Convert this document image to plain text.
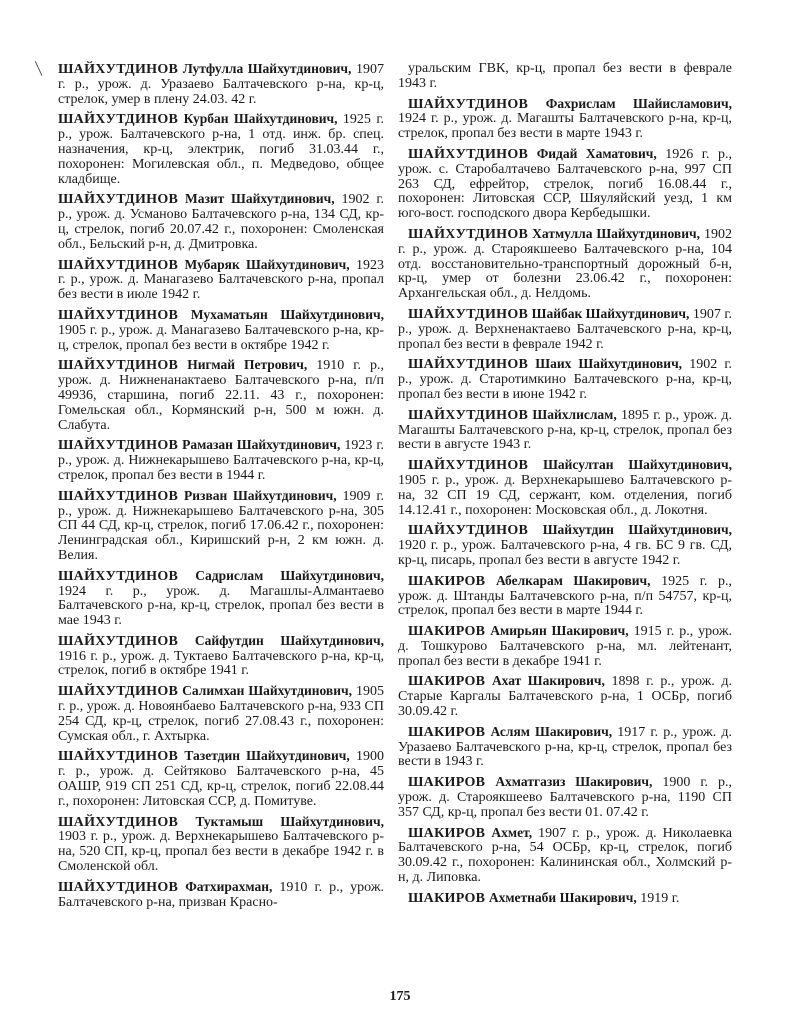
ШАЙХУТДИНОВ Лутфулла Шайхутдинович, 1907 г. р., урож. д. Уразаево Балтачевского р-на, кр-ц, стрелок, умер в плену 24.03. 42 г.

ШАЙХУТДИНОВ Курбан Шайхутдинович, 1925 г. р., урож. Балтачевского р-на, 1 отд. инж. бр. спец. назначения, кр-ц, электрик, погиб 31.03.44 г., похоронен: Могилевская обл., п. Медведово, общее кладбище.

ШАЙХУТДИНОВ Мазит Шайхутдинович, 1902 г. р., урож. д. Усманово Балтачевского р-на, 134 СД, кр-ц, стрелок, погиб 20.07.42 г., похоронен: Смоленская обл., Бельский р-н, д. Дмитровка.

ШАЙХУТДИНОВ Мубаряк Шайхутдинович, 1923 г. р., урож. д. Манагазево Балтачевского р-на, пропал без вести в июле 1942 г.

ШАЙХУТДИНОВ Мухаматьян Шайхутдинович, 1905 г. р., урож. д. Манагазево Балтачевского р-на, кр-ц, стрелок, пропал без вести в октябре 1942 г.

ШАЙХУТДИНОВ Нигмай Петрович, 1910 г. р., урож. д. Нижненанактаево Балтачевского р-на, п/п 49936, старшина, погиб 22.11. 43 г., похоронен: Гомельская обл., Кормянский р-н, 500 м южн. д. Слабута.

ШАЙХУТДИНОВ Рамазан Шайхутдинович, 1923 г. р., урож. д. Нижнекарышево Балтачевского р-на, кр-ц, стрелок, пропал без вести в 1944 г.

ШАЙХУТДИНОВ Ризван Шайхутдинович, 1909 г. р., урож. д. Нижнекарышево Балтачевского р-на, 305 СП 44 СД, кр-ц, стрелок, погиб 17.06.42 г., похоронен: Ленинградская обл., Киришский р-н, 2 км южн. д. Велия.

ШАЙХУТДИНОВ Садрислам Шайхутдинович, 1924 г. р., урож. д. Магашлы-Алмантаево Балтачевского р-на, кр-ц, стрелок, пропал без вести в мае 1943 г.

ШАЙХУТДИНОВ Сайфутдин Шайхутдинович, 1916 г. р., урож. д. Туктаево Балтачевского р-на, кр-ц, стрелок, погиб в октябре 1941 г.

ШАЙХУТДИНОВ Салимхан Шайхутдинович, 1905 г. р., урож. д. Новоянбаево Балтачевского р-на, 933 СП 254 СД, кр-ц, стрелок, погиб 27.08.43 г., похоронен: Сумская обл., г. Ахтырка.

ШАЙХУТДИНОВ Тазетдин Шайхутдинович, 1900 г. р., урож. д. Сейтяково Балтачевского р-на, 45 ОАШР, 919 СП 251 СД, кр-ц, стрелок, погиб 22.08.44 г., похоронен: Литовская ССР, д. Помитуве.

ШАЙХУТДИНОВ Туктамыш Шайхутдинович, 1903 г. р., урож. д. Верхнекарышево Балтачевского р-на, 520 СП, кр-ц, пропал без вести в декабре 1942 г. в Смоленской обл.

ШАЙХУТДИНОВ Фатхирахман, 1910 г. р., урож. Балтачевского р-на, призван Красно-

уральским ГВК, кр-ц, пропал без вести в феврале 1943 г.

ШАЙХУТДИНОВ Фахрислам Шайисламович, 1924 г. р., урож. д. Магашты Балтачевского р-на, кр-ц, стрелок, пропал без вести в марте 1943 г.

ШАЙХУТДИНОВ Фидай Хаматович, 1926 г. р., урож. с. Старобалтачево Балтачевского р-на, 997 СП 263 СД, ефрейтор, стрелок, погиб 16.08.44 г., похоронен: Литовская ССР, Шяуляйский уезд, 1 км юго-вост. господского двора Кербедышки.

ШАЙХУТДИНОВ Хатмулла Шайхутдинович, 1902 г. р., урож. д. Староякшеево Балтачевского р-на, 104 отд. восстановительно-транспортный дорожный б-н, кр-ц, умер от болезни 23.06.42 г., похоронен: Архангельская обл., д. Нелдомь.

ШАЙХУТДИНОВ Шайбак Шайхутдинович, 1907 г. р., урож. д. Верхненактаево Балтачевского р-на, кр-ц, пропал без вести в феврале 1942 г.

ШАЙХУТДИНОВ Шаих Шайхутдинович, 1902 г. р., урож. д. Старотимкино Балтачевского р-на, кр-ц, пропал без вести в июне 1942 г.

ШАЙХУТДИНОВ Шайхлислам, 1895 г. р., урож. д. Магашты Балтачевского р-на, кр-ц, стрелок, пропал без вести в августе 1943 г.

ШАЙХУТДИНОВ Шайсултан Шайхутдинович, 1905 г. р., урож. д. Верхнекарышево Балтачевского р-на, 32 СП 19 СД, сержант, ком. отделения, погиб 14.12.41 г., похоронен: Московская обл., д. Локотня.

ШАЙХУТДИНОВ Шайхутдин Шайхутдинович, 1920 г. р., урож. Балтачевского р-на, 4 гв. БС 9 гв. СД, кр-ц, писарь, пропал без вести в августе 1942 г.

ШАКИРОВ Абелкарам Шакирович, 1925 г. р., урож. д. Штанды Балтачевского р-на, п/п 54757, кр-ц, стрелок, пропал без вести в марте 1944 г.

ШАКИРОВ Амирьян Шакирович, 1915 г. р., урож. д. Тошкурово Балтачевского р-на, мл. лейтенант, пропал без вести в декабре 1941 г.

ШАКИРОВ Ахат Шакирович, 1898 г. р., урож. д. Старые Каргалы Балтачевского р-на, 1 ОСБр, погиб 30.09.42 г.

ШАКИРОВ Аслям Шакирович, 1917 г. р., урож. д. Уразаево Балтачевского р-на, кр-ц, стрелок, пропал без вести в 1943 г.

ШАКИРОВ Ахматгазиз Шакирович, 1900 г. р., урож. д. Староякшеево Балтачевского р-на, 1190 СП 357 СД, кр-ц, пропал без вести 01. 07.42 г.

ШАКИРОВ Ахмет, 1907 г. р., урож. д. Николаевка Балтачевского р-на, 54 ОСБр, кр-ц, стрелок, погиб 30.09.42 г., похоронен: Калининская обл., Холмский р-н, д. Липовка.

ШАКИРОВ Ахметнаби Шакирович, 1919 г.

175
